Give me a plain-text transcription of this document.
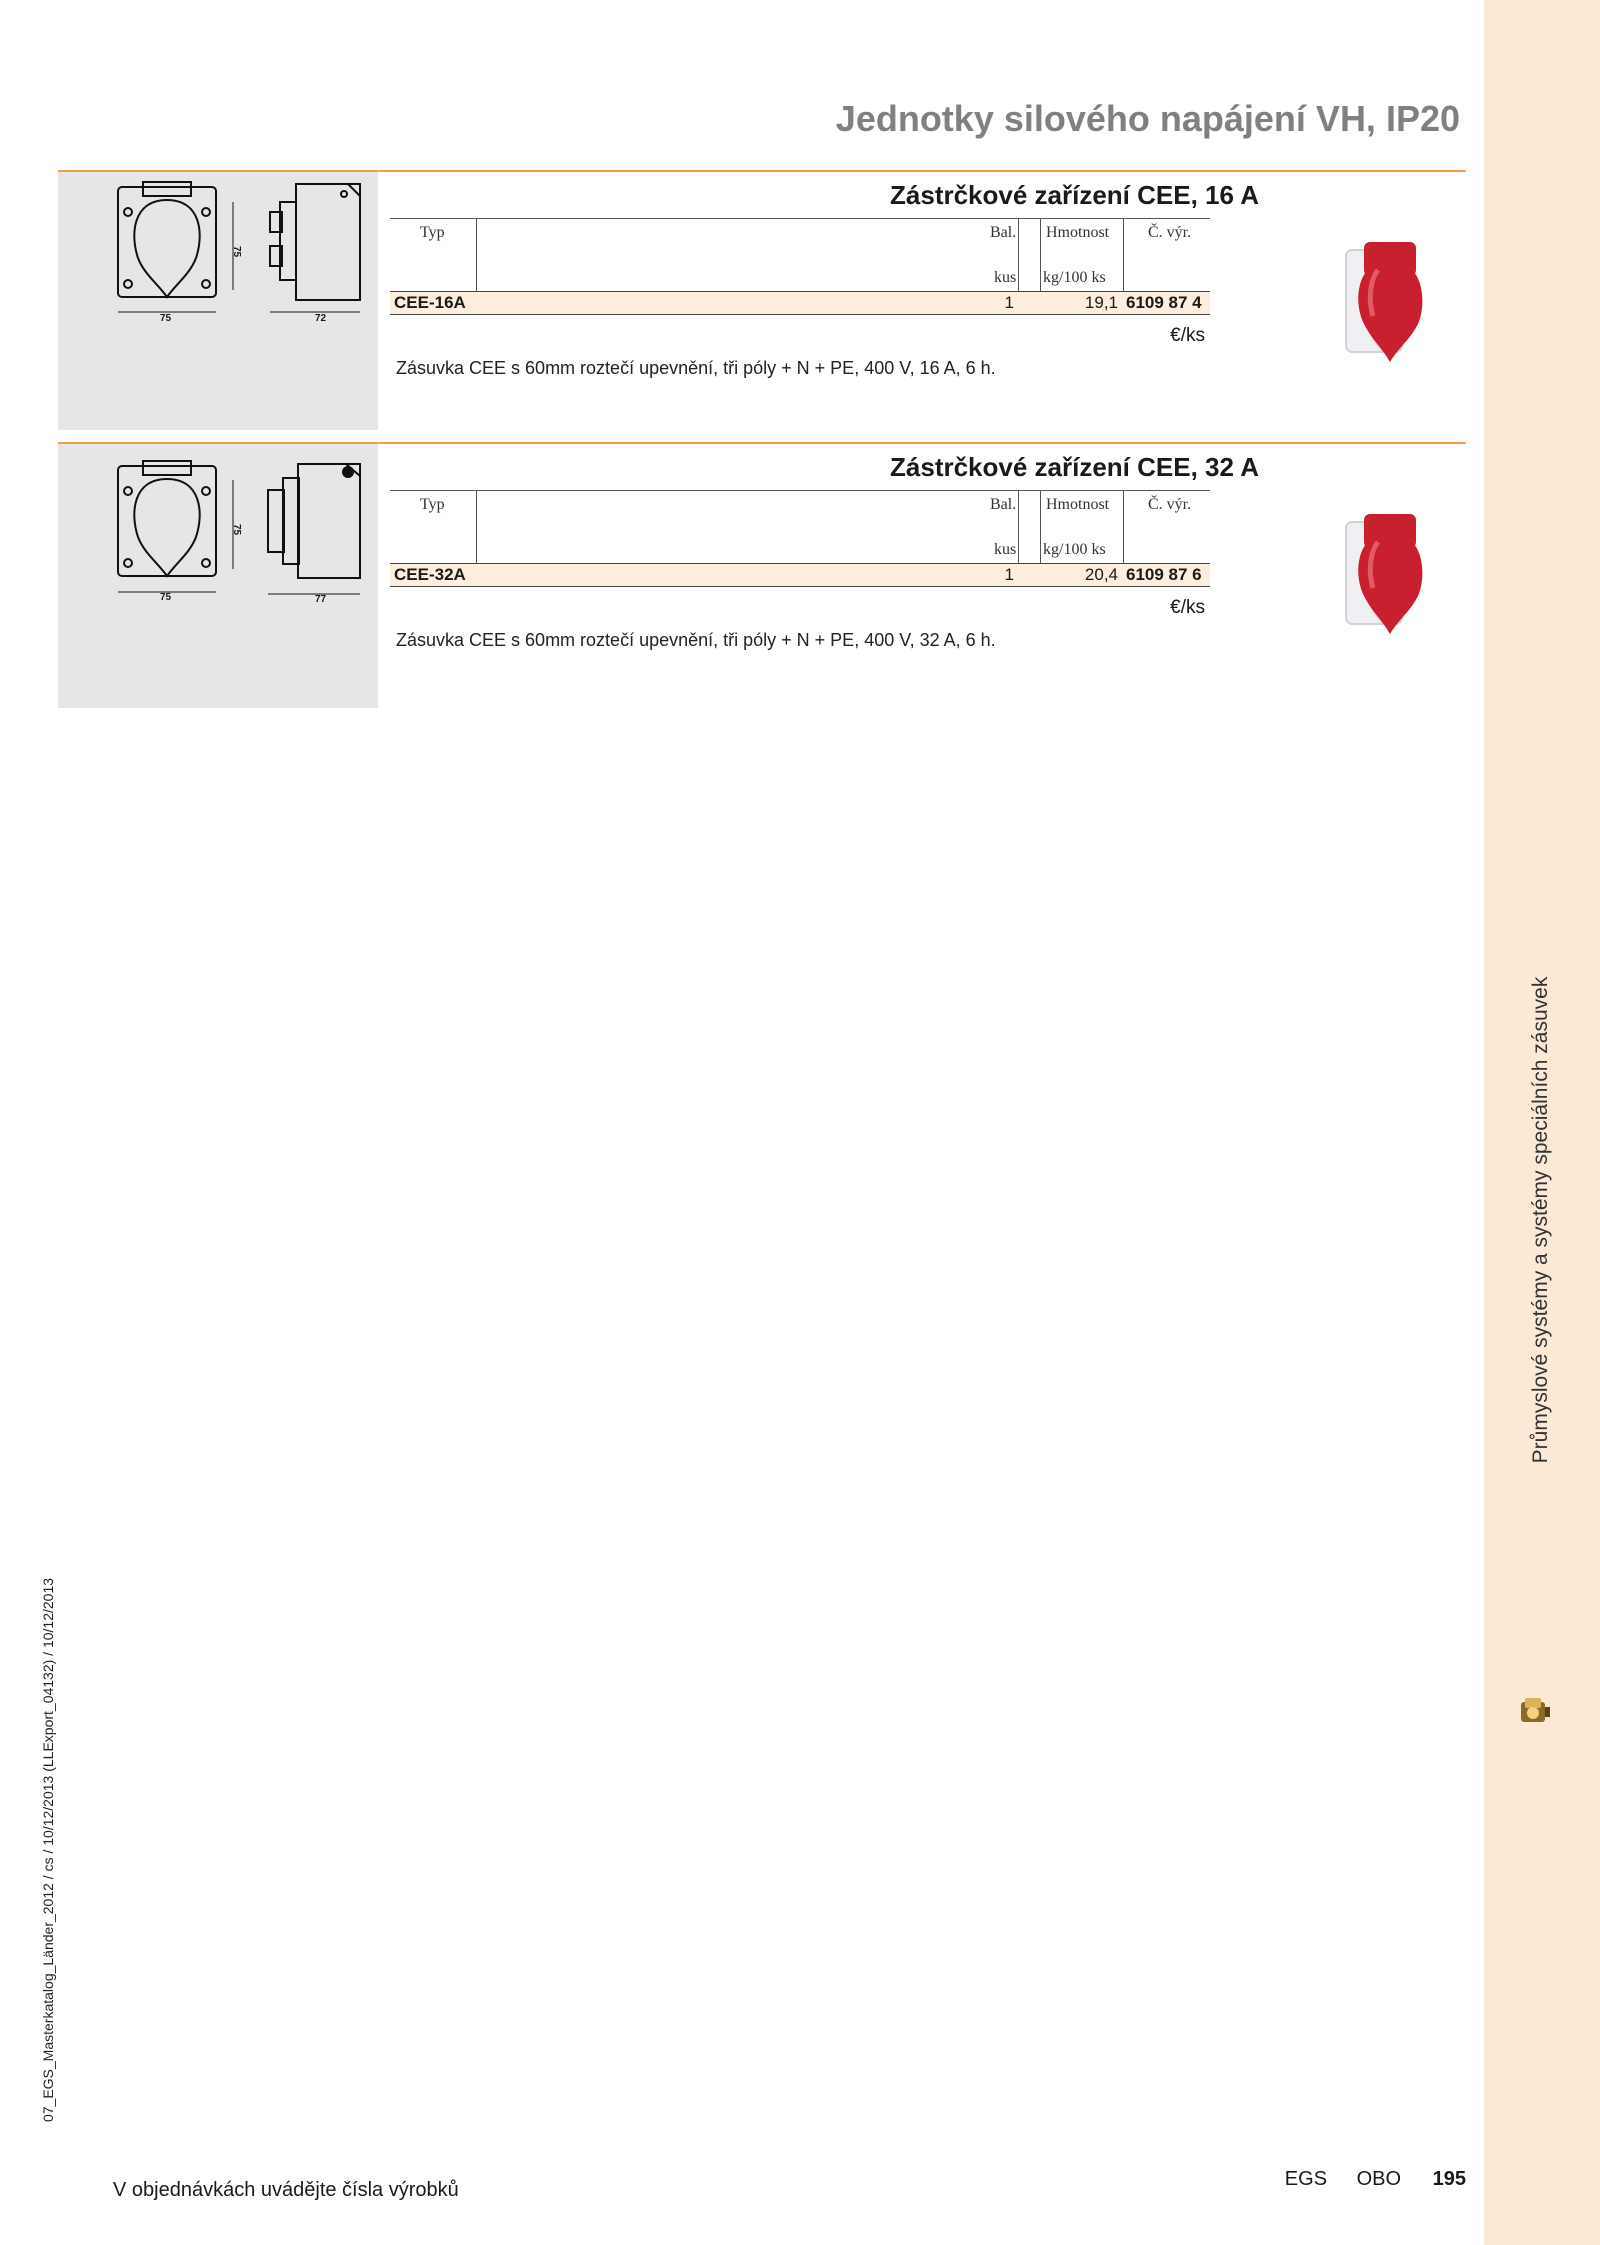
Průmyslové systémy a systémy speciálních zásuvek
Jednotky silového napájení VH, IP20
75
75
72
Zástrčkové zařízení CEE, 16 A
Typ	Bal. Hmotnost Č. výr.
kus kg/100 ks
CEE-16A	1	19,1 6109 87 4
€/ks
Zásuvka CEE s 60mm roztečí upevnění, tři póly + N + PE, 400 V, 16 A, 6 h.
75
75
77
Zástrčkové zařízení CEE, 32 A
Typ	Bal. Hmotnost Č. výr.
kus kg/100 ks
CEE-32A	1	20,4 6109 87 6
€/ks
Zásuvka CEE s 60mm roztečí upevnění, tři póly + N + PE, 400 V, 32 A, 6 h.
07_EGS_Masterkatalog_Länder_2012 / cs / 10/12/2013 (LLExport_04132) / 10/12/2013
V objednávkách uvádějte čísla výrobků	EGS OBO 195
